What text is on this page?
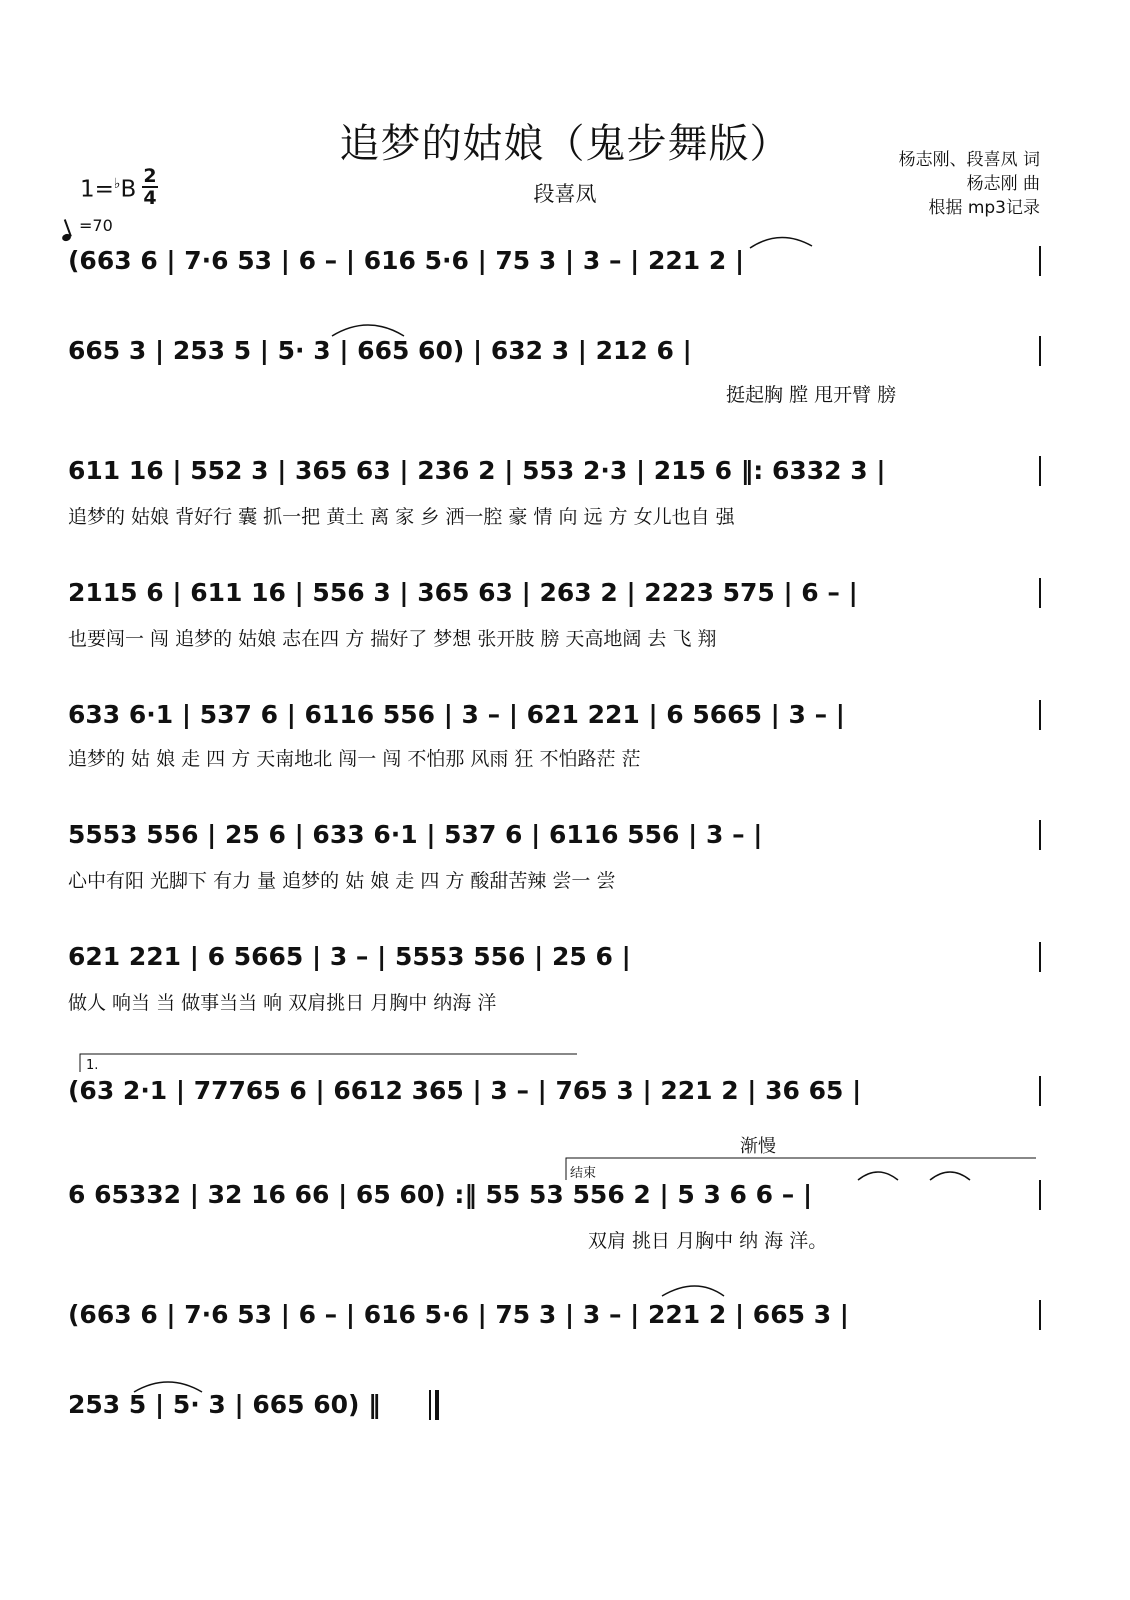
追梦的姑娘（鬼步舞版）
段喜凤
杨志刚、段喜凤 词
杨志刚 曲
根据 mp3记录
1=♭B
2
4
=70
(663 6 | 7·6 53 | 6 – | 616 5·6 | 75 3 | 3 – | 221 2 |
665 3 | 253 5 | 5· 3 | 665 60) | 632 3 | 212 6 |
挺起胸 膛 甩开臂 膀
611 16 | 552 3 | 365 63 | 236 2 | 553 2·3 | 215 6 ‖: 6332 3 |
追梦的 姑娘 背好行 囊 抓一把 黄土 离 家 乡 洒一腔 豪 情 向 远 方 女儿也自 强
2115 6 | 611 16 | 556 3 | 365 63 | 263 2 | 2223 575 | 6 – |
也要闯一 闯 追梦的 姑娘 志在四 方 揣好了 梦想 张开肢 膀 天高地阔 去 飞 翔
633 6·1 | 537 6 | 6116 556 | 3 – | 621 221 | 6 5665 | 3 – |
追梦的 姑 娘 走 四 方 天南地北 闯一 闯 不怕那 风雨 狂 不怕路茫 茫
5553 556 | 25 6 | 633 6·1 | 537 6 | 6116 556 | 3 – |
心中有阳 光脚下 有力 量 追梦的 姑 娘 走 四 方 酸甜苦辣 尝一 尝
621 221 | 6 5665 | 3 – | 5553 556 | 25 6 |
做人 响当 当 做事当当 响 双肩挑日 月胸中 纳海 洋
1.
(63 2·1 | 77765 6 | 6612 365 | 3 – | 765 3 | 221 2 | 36 65 |
渐慢
结束
6 65332 | 32 16 66 | 65 60) :‖ 55 53 556 2 | 5 3 6 6 – |
双肩 挑日 月胸中 纳 海 洋。
(663 6 | 7·6 53 | 6 – | 616 5·6 | 75 3 | 3 – | 221 2 | 665 3 |
253 5 | 5· 3 | 665 60) ‖
